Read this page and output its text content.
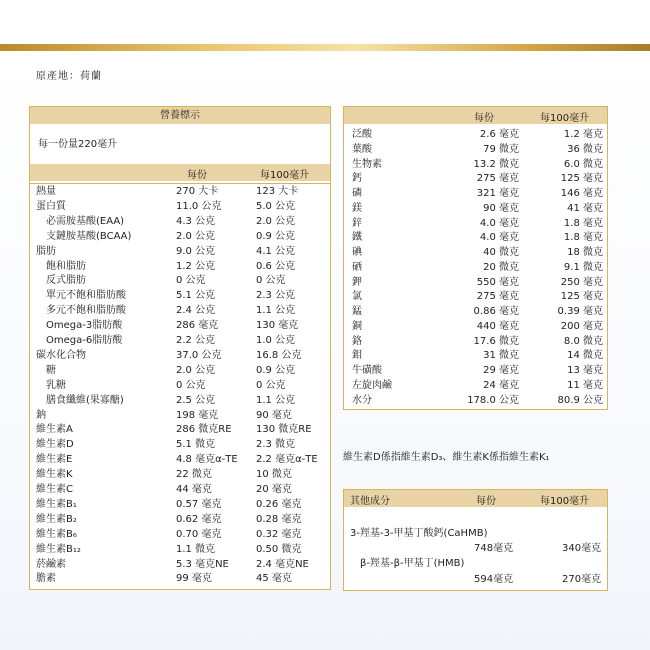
原產地：荷蘭
營養標示
每一份量220毫升
每份	每100毫升
熱量	270 大卡	123 大卡
蛋白質	11.0 公克	5.0 公克
必需胺基酸(EAA)	4.3 公克	2.0 公克
支鏈胺基酸(BCAA)	2.0 公克	0.9 公克
脂肪	9.0 公克	4.1 公克
飽和脂肪	1.2 公克	0.6 公克
反式脂肪	0 公克	0 公克
單元不飽和脂肪酸	5.1 公克	2.3 公克
多元不飽和脂肪酸	2.4 公克	1.1 公克
Omega-3脂肪酸	286 毫克	130 毫克
Omega-6脂肪酸	2.2 公克	1.0 公克
碳水化合物	37.0 公克	16.8 公克
糖	2.0 公克	0.9 公克
乳糖	0 公克	0 公克
膳食纖維(果寡醣)	2.5 公克	1.1 公克
鈉	198 毫克	90 毫克
維生素A	286 微克RE	130 微克RE
維生素D	5.1 微克	2.3 微克
維生素E	4.8 毫克α-TE	2.2 毫克α-TE
維生素K	22 微克	10 微克
維生素C	44 毫克	20 毫克
維生素B₁	0.57 毫克	0.26 毫克
維生素B₂	0.62 毫克	0.28 毫克
維生素B₆	0.70 毫克	0.32 毫克
維生素B₁₂	1.1 微克	0.50 微克
菸鹼素	5.3 毫克NE	2.4 毫克NE
膽素	99 毫克	45 毫克
每份	每100毫升
泛酸	2.6 毫克	1.2 毫克
葉酸	79 微克	36 微克
生物素	13.2 微克	6.0 微克
鈣	275 毫克	125 毫克
磷	321 毫克	146 毫克
鎂	90 毫克	41 毫克
鋅	4.0 毫克	1.8 毫克
鐵	4.0 毫克	1.8 毫克
碘	40 微克	18 微克
硒	20 微克	9.1 微克
鉀	550 毫克	250 毫克
氯	275 毫克	125 毫克
錳	0.86 毫克	0.39 毫克
銅	440 毫克	200 毫克
鉻	17.6 微克	8.0 微克
鉬	31 微克	14 微克
牛磺酸	29 毫克	13 毫克
左旋肉鹼	24 毫克	11 毫克
水分	178.0 公克	80.9 公克
維生素D係指維生素D₃、維生素K係指維生素K₁
其他成分	每份	每100毫升
3-羥基-3-甲基丁酸鈣(CaHMB)
748毫克	340毫克
β-羥基-β-甲基丁(HMB)
594毫克	270毫克
